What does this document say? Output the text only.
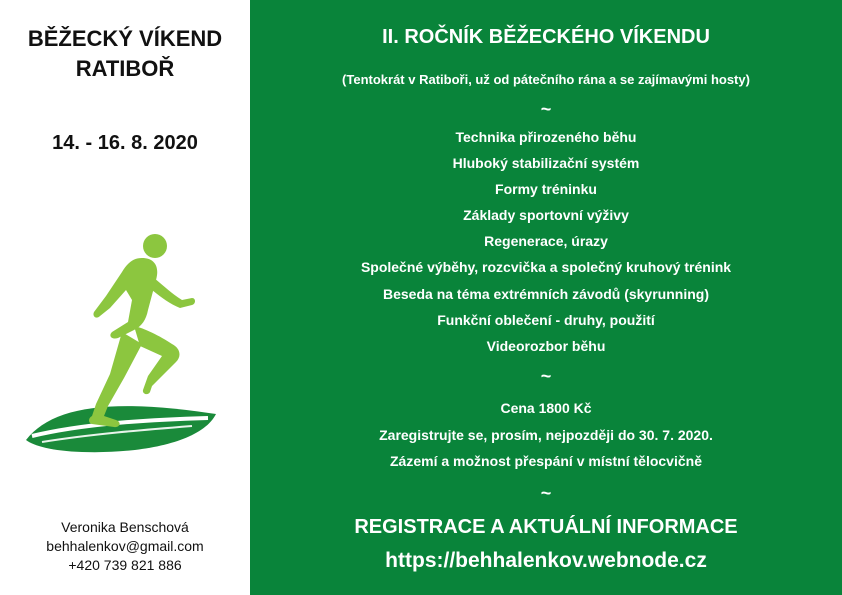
BĚŽECKÝ VÍKEND
RATIBOŘ
14. - 16. 8. 2020
Veronika Benschová
behhalenkov@gmail.com
+420 739 821 886
II. ROČNÍK BĚŽECKÉHO VÍKENDU
(Tentokrát v Ratiboři, už od pátečního rána a se zajímavými hosty)
~
Technika přirozeného běhu
Hluboký stabilizační systém
Formy tréninku
Základy sportovní výživy
Regenerace, úrazy
Společné výběhy, rozcvička a společný kruhový trénink
Beseda na téma extrémních závodů (skyrunning)
Funkční oblečení - druhy, použití
Videorozbor běhu
~
Cena 1800 Kč
Zaregistrujte se, prosím, nejpozději do 30. 7. 2020.
Zázemí a možnost přespání v místní tělocvičně
~
REGISTRACE A AKTUÁLNÍ INFORMACE
https://behhalenkov.webnode.cz
